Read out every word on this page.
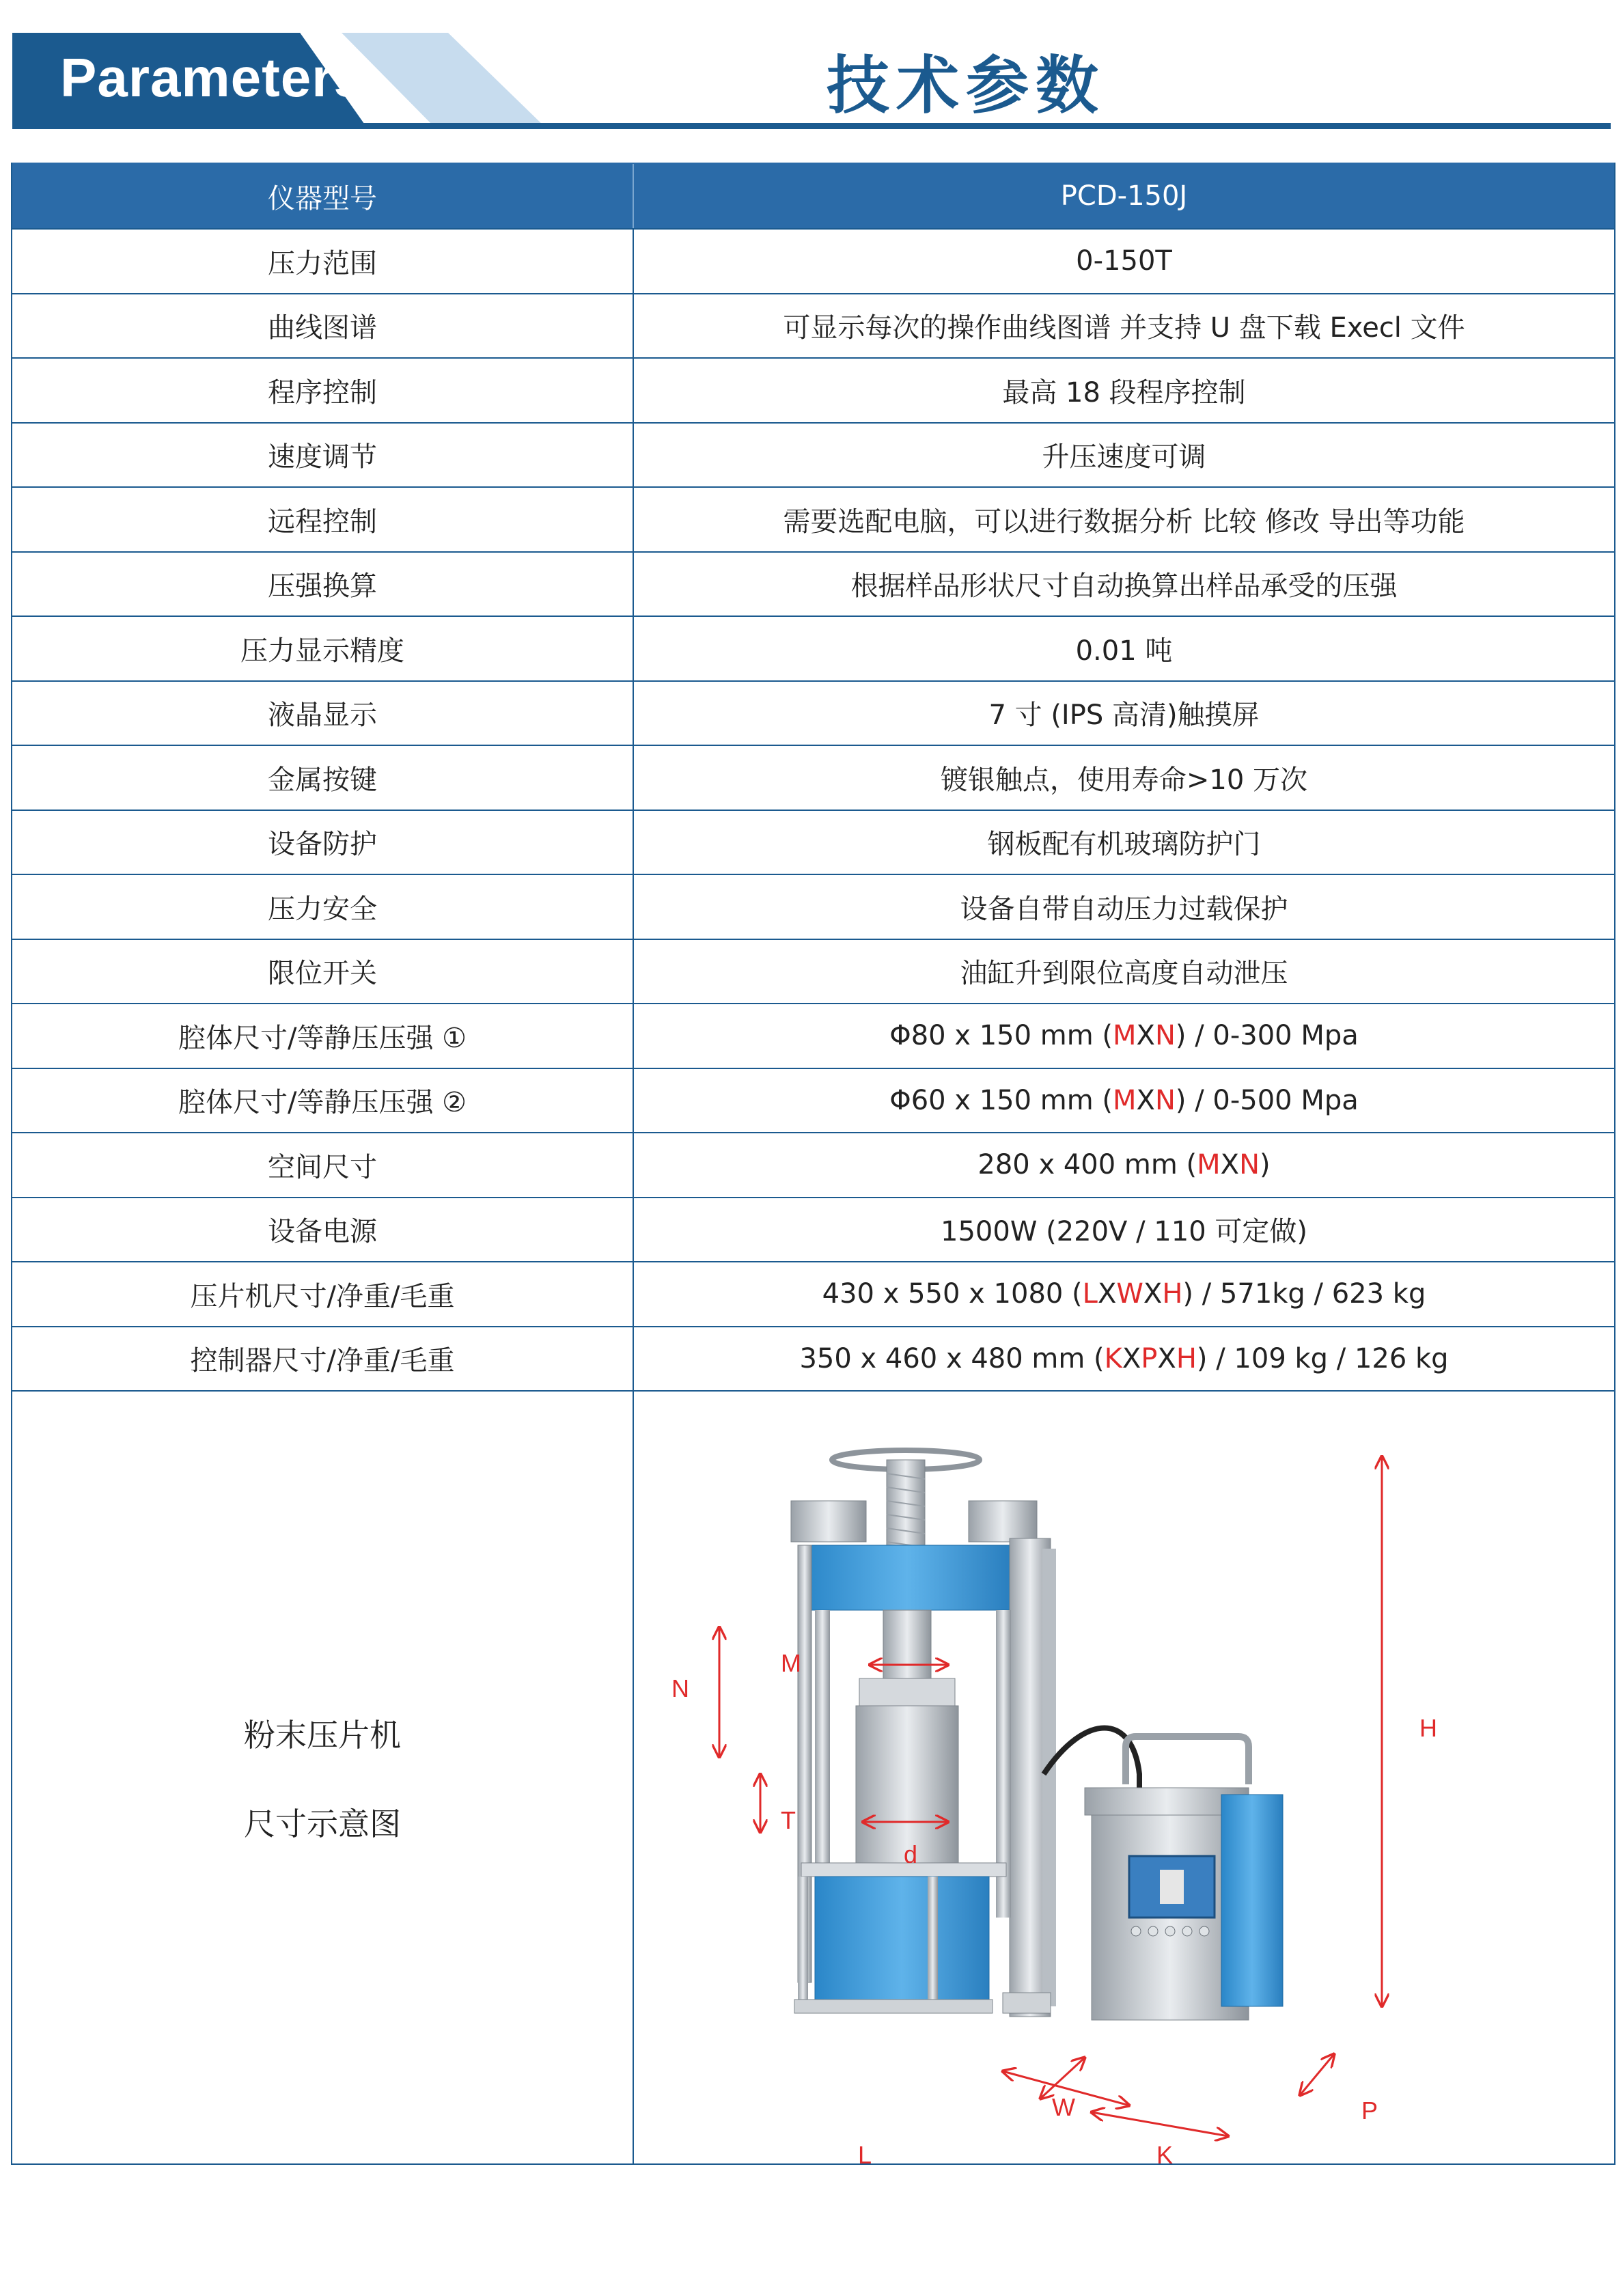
Parameters	技术参数
仪器型号	PCD-150J
压力范围	0-150T
曲线图谱	可显示每次的操作曲线图谱 并支持 U 盘下载 Execl 文件
程序控制	最高 18 段程序控制
速度调节	升压速度可调
远程控制	需要选配电脑，可以进行数据分析 比较 修改 导出等功能
压强换算	根据样品形状尺寸自动换算出样品承受的压强
压力显示精度	0.01 吨
液晶显示	7 寸 (IPS 高清)触摸屏
金属按键	镀银触点，使用寿命>10 万次
设备防护	钢板配有机玻璃防护门
压力安全	设备自带自动压力过载保护
限位开关	油缸升到限位高度自动泄压
腔体尺寸/等静压压强 ①	Φ80 x 150 mm ( M X N ) / 0-300 Mpa
腔体尺寸/等静压压强 ②	Φ60 x 150 mm ( M X N ) / 0-500 Mpa
空间尺寸	280 x 400 mm ( M X N )
设备电源	1500W (220V / 110 可定做)
压片机尺寸/净重/毛重	430 x 550 x 1080 ( L X W X H ) / 571kg / 623 kg
控制器尺寸/净重/毛重	350 x 460 x 480 mm ( K X P X H ) / 109 kg / 126 kg
粉末压片机
尺寸示意图
N
M
T
d
H
W	P
L	K
